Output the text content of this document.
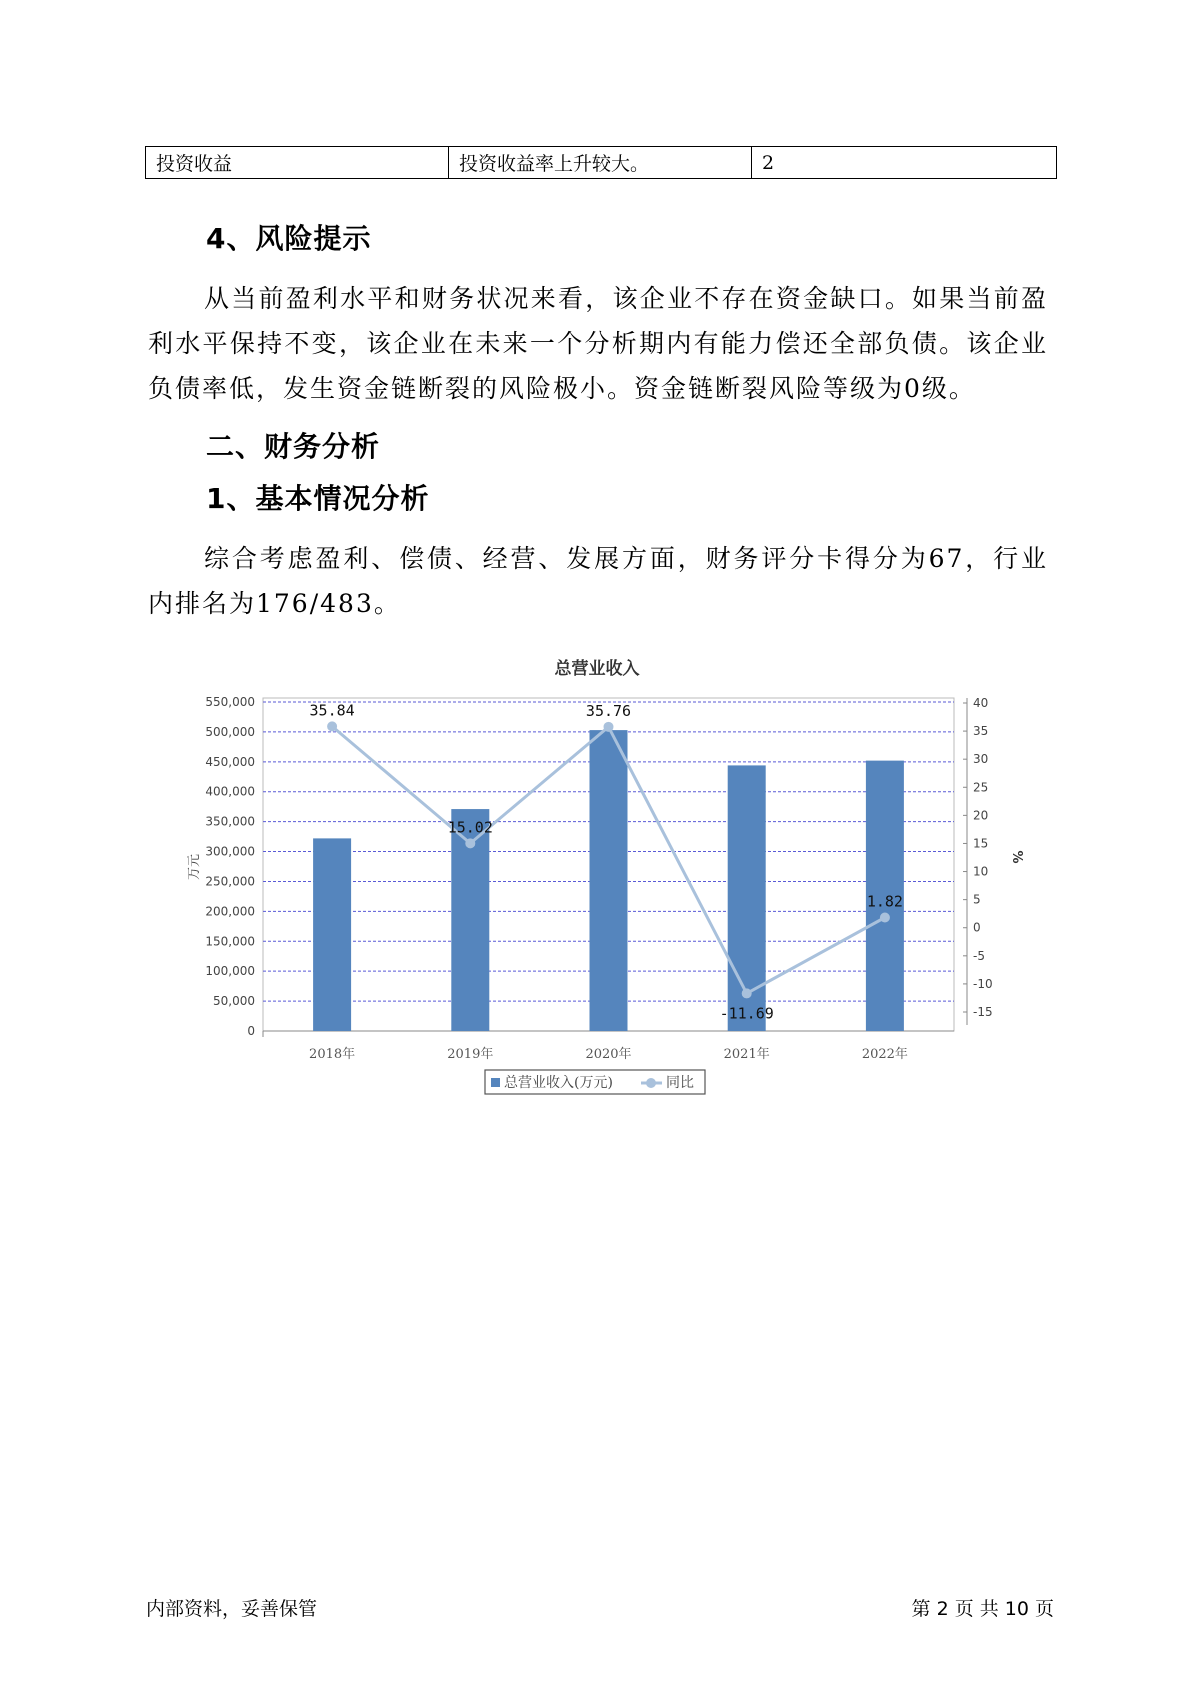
投资收益	投资收益率上升较大。	2
4、风险提示

从当前盈利水平和财务状况来看，该企业不存在资金缺口。如果当前盈利水平保持不变，该企业在未来一个分析期内有能力偿还全部负债。该企业负债率低，发生资金链断裂的风险极小。资金链断裂风险等级为0级。

二、财务分析
1、基本情况分析

综合考虑盈利、偿债、经营、发展方面，财务评分卡得分为67，行业内排名为176/483。

总营业收入
0
50,000
100,000
150,000
200,000
250,000
300,000
350,000
400,000
450,000
500,000
550,000
万元
-15
-10
-5
0
5
10
15
20
25
30
35
40
%
2018年	2019年	2020年	2021年	2022年
35.84
15.02
35.76
-11.69
1.82
总营业收入(万元)	同比
内部资料，妥善保管	第 2 页 共 10 页
